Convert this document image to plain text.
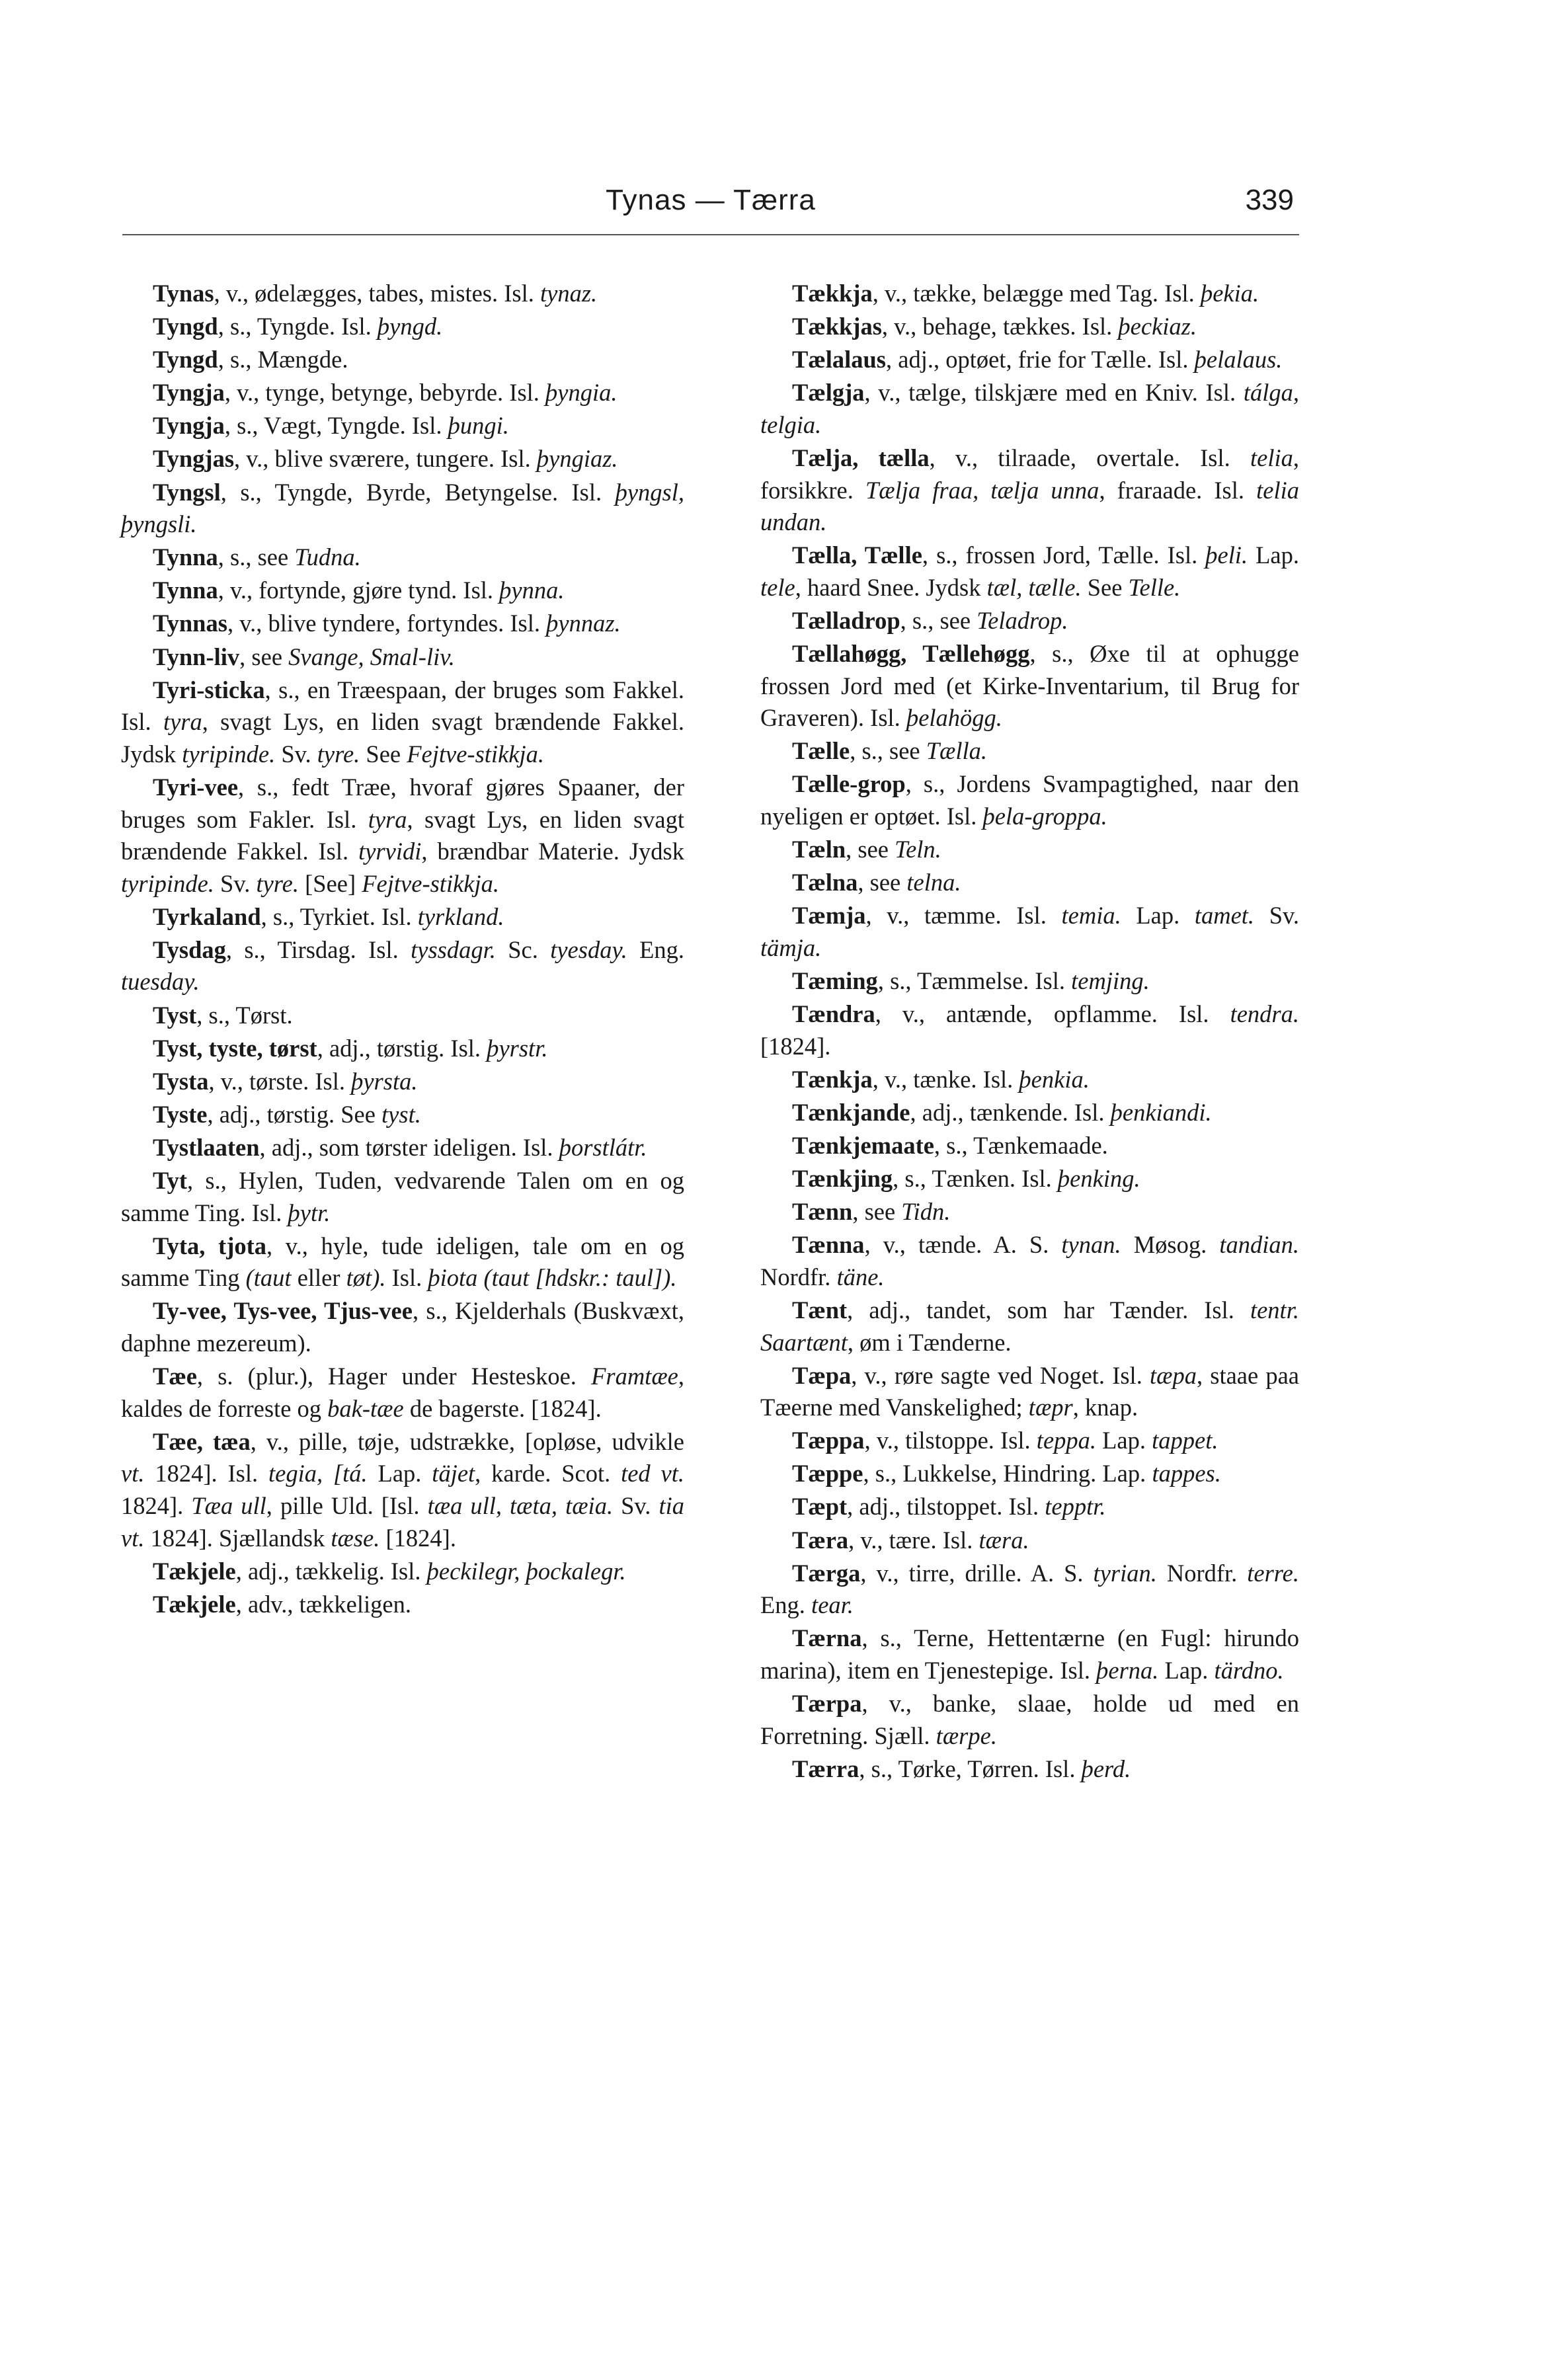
Tynas — Tærra	339

Tynas, v., ødelægges, tabes, mistes. Isl. tynaz.

Tyngd, s., Tyngde. Isl. þyngd.

Tyngd, s., Mængde.

Tyngja, v., tynge, betynge, bebyrde. Isl. þyngia.

Tyngja, s., Vægt, Tyngde. Isl. þungi.

Tyngjas, v., blive sværere, tungere. Isl. þyngiaz.

Tyngsl, s., Tyngde, Byrde, Betyngelse. Isl. þyngsl, þyngsli.

Tynna, s., see Tudna.

Tynna, v., fortynde, gjøre tynd. Isl. þynna.

Tynnas, v., blive tyndere, fortyndes. Isl. þynnaz.

Tynn-liv, see Svange, Smal-liv.

Tyri-sticka, s., en Træespaan, der bruges som Fakkel. Isl. tyra, svagt Lys, en liden svagt brændende Fakkel. Jydsk tyripinde. Sv. tyre. See Fejtve-stikkja.

Tyri-vee, s., fedt Træe, hvoraf gjøres Spaaner, der bruges som Fakler. Isl. tyra, svagt Lys, en liden svagt brændende Fakkel. Isl. tyrvidi, brændbar Materie. Jydsk tyripinde. Sv. tyre. [See] Fejtve-stikkja.

Tyrkaland, s., Tyrkiet. Isl. tyrkland.

Tysdag, s., Tirsdag. Isl. tyssdagr. Sc. tyesday. Eng. tuesday.

Tyst, s., Tørst.

Tyst, tyste, tørst, adj., tørstig. Isl. þyrstr.

Tysta, v., tørste. Isl. þyrsta.

Tyste, adj., tørstig. See tyst.

Tystlaaten, adj., som tørster ideligen. Isl. þorstlátr.

Tyt, s., Hylen, Tuden, vedvarende Talen om en og samme Ting. Isl. þytr.

Tyta, tjota, v., hyle, tude ideligen, tale om en og samme Ting (taut eller tøt). Isl. þiota (taut [hdskr.: taul]).

Ty-vee, Tys-vee, Tjus-vee, s., Kjelderhals (Buskvæxt, daphne mezereum).

Tæe, s. (plur.), Hager under Hesteskoe. Framtæe, kaldes de forreste og bak-tæe de bagerste. [1824].

Tæe, tæa, v., pille, tøje, udstrække, [opløse, udvikle vt. 1824]. Isl. tegia, [tá. Lap. täjet, karde. Scot. ted vt. 1824]. Tæa ull, pille Uld. [Isl. tæa ull, tæta, tæia. Sv. tia vt. 1824]. Sjællandsk tæse. [1824].

Tækjele, adj., tækkelig. Isl. þeckilegr, þockalegr.

Tækjele, adv., tækkeligen.

Tækkja, v., tække, belægge med Tag. Isl. þekia.

Tækkjas, v., behage, tækkes. Isl. þeckiaz.

Tælalaus, adj., optøet, frie for Tælle. Isl. þelalaus.

Tælgja, v., tælge, tilskjære med en Kniv. Isl. tálga, telgia.

Tælja, tælla, v., tilraade, overtale. Isl. telia, forsikkre. Tælja fraa, tælja unna, fraraade. Isl. telia undan.

Tælla, Tælle, s., frossen Jord, Tælle. Isl. þeli. Lap. tele, haard Snee. Jydsk tæl, tælle. See Telle.

Tælladrop, s., see Teladrop.

Tællahøgg, Tællehøgg, s., Øxe til at ophugge frossen Jord med (et Kirke-Inventarium, til Brug for Graveren). Isl. þelahögg.

Tælle, s., see Tælla.

Tælle-grop, s., Jordens Svampagtighed, naar den nyeligen er optøet. Isl. þela-groppa.

Tæln, see Teln.

Tælna, see telna.

Tæmja, v., tæmme. Isl. temia. Lap. tamet. Sv. tämja.

Tæming, s., Tæmmelse. Isl. temjing.

Tændra, v., antænde, opflamme. Isl. tendra. [1824].

Tænkja, v., tænke. Isl. þenkia.

Tænkjande, adj., tænkende. Isl. þenkiandi.

Tænkjemaate, s., Tænkemaade.

Tænkjing, s., Tænken. Isl. þenking.

Tænn, see Tidn.

Tænna, v., tænde. A. S. tynan. Møsog. tandian. Nordfr. täne.

Tænt, adj., tandet, som har Tænder. Isl. tentr. Saartænt, øm i Tænderne.

Tæpa, v., røre sagte ved Noget. Isl. tæpa, staae paa Tæerne med Vanskelighed; tæpr, knap.

Tæppa, v., tilstoppe. Isl. teppa. Lap. tappet.

Tæppe, s., Lukkelse, Hindring. Lap. tappes.

Tæpt, adj., tilstoppet. Isl. tepptr.

Tæra, v., tære. Isl. tæra.

Tærga, v., tirre, drille. A. S. tyrian. Nordfr. terre. Eng. tear.

Tærna, s., Terne, Hettentærne (en Fugl: hirundo marina), item en Tjenestepige. Isl. þerna. Lap. tärdno.

Tærpa, v., banke, slaae, holde ud med en Forretning. Sjæll. tærpe.

Tærra, s., Tørke, Tørren. Isl. þerd.
